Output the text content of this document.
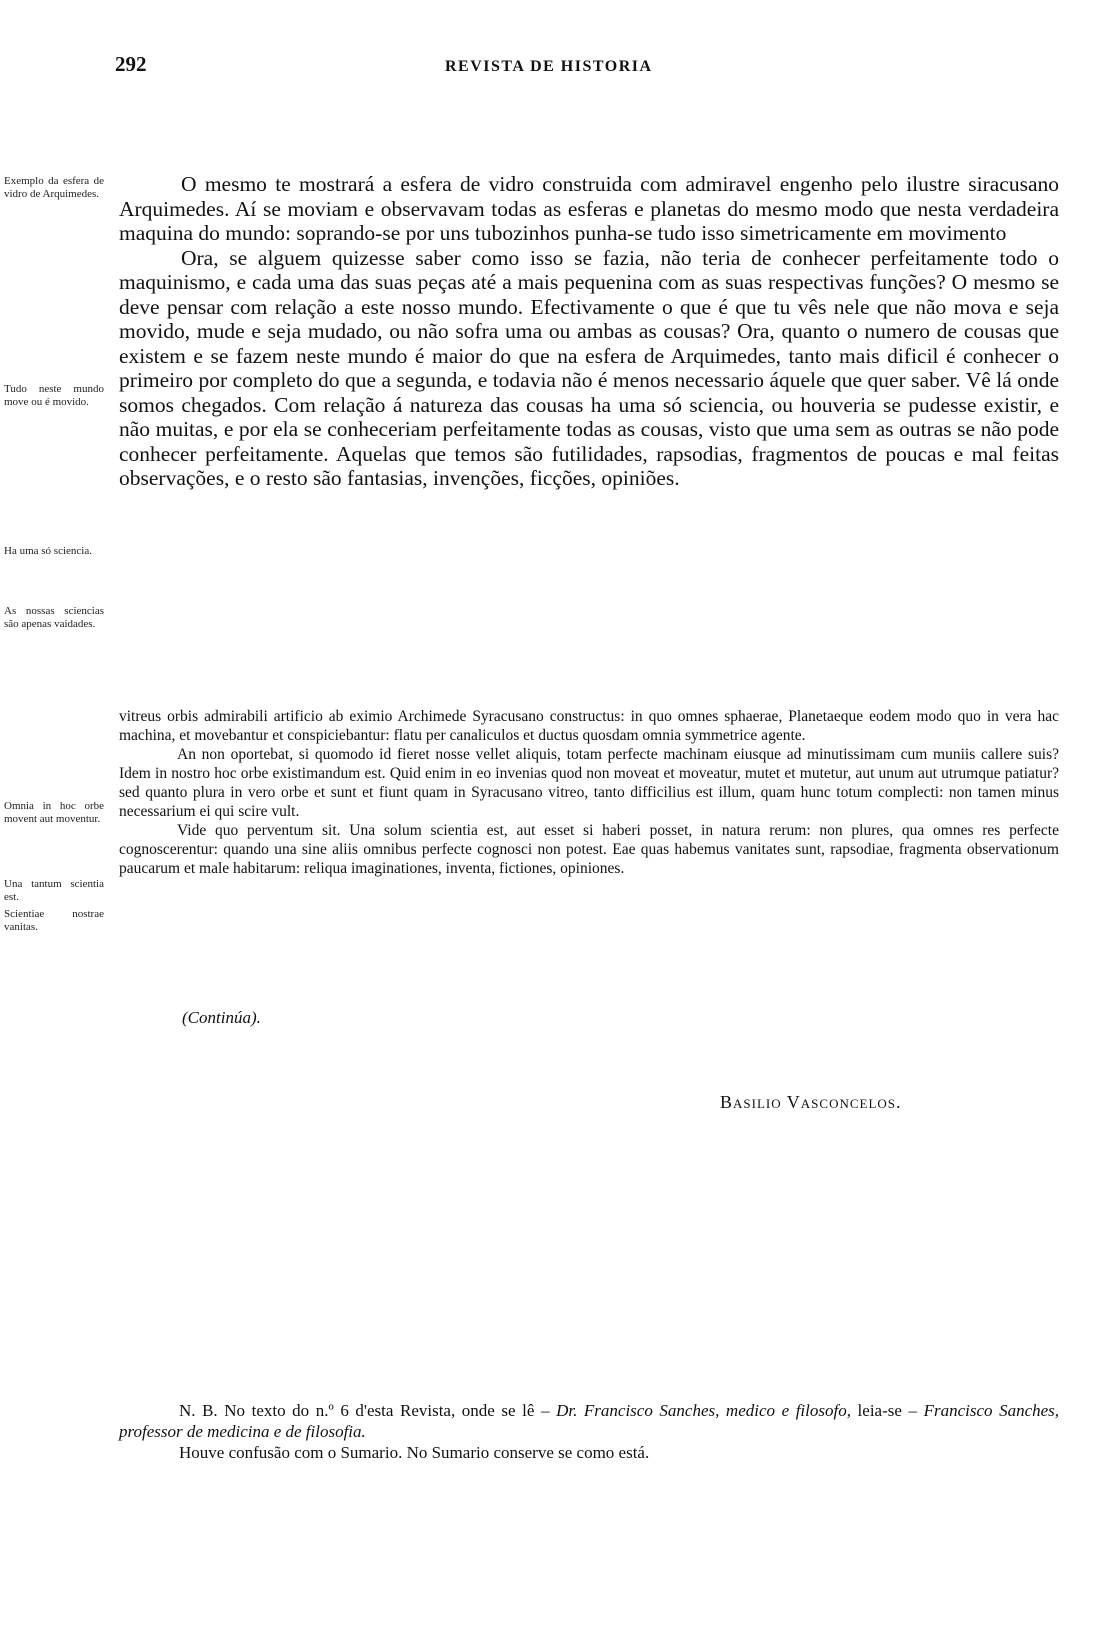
292	REVISTA DE HISTORIA
Exemplo da esfera de vidro de Arquimedes.
Tudo neste mundo move ou é movido.
Ha uma só sciencia.
As nossas sciencias são apenas vaidades.
Omnia in hoc orbe movent aut moventur.
Una tantum scientia est.
Scientiae nostrae vanitas.

O mesmo te mostrará a esfera de vidro construida com admiravel engenho pelo ilustre siracusano Arquimedes. Aí se moviam e observavam todas as esferas e planetas do mesmo modo que nesta verdadeira maquina do mundo: soprando-se por uns tubozinhos punha-se tudo isso simetricamente em movimento

Ora, se alguem quizesse saber como isso se fazia, não teria de conhecer perfeitamente todo o maquinismo, e cada uma das suas peças até a mais pequenina com as suas respectivas funções? O mesmo se deve pensar com relação a este nosso mundo. Efectivamente o que é que tu vês nele que não mova e seja movido, mude e seja mudado, ou não sofra uma ou ambas as cousas? Ora, quanto o numero de cousas que existem e se fazem neste mundo é maior do que na esfera de Arquimedes, tanto mais dificil é conhecer o primeiro por completo do que a segunda, e todavia não é menos necessario áquele que quer saber. Vê lá onde somos chegados. Com relação á natureza das cousas ha uma só sciencia, ou houveria se pudesse existir, e não muitas, e por ela se conheceriam perfeitamente todas as cousas, visto que uma sem as outras se não pode conhecer perfeitamente. Aquelas que temos são futilidades, rapsodias, fragmentos de poucas e mal feitas observações, e o resto são fantasias, invenções, ficções, opiniões.

vitreus orbis admirabili artificio ab eximio Archimede Syracusano constructus: in quo omnes sphaerae, Planetaeque eodem modo quo in vera hac machina, et movebantur et conspiciebantur: flatu per canaliculos et ductus quosdam omnia symmetrice agente.

An non oportebat, si quomodo id fieret nosse vellet aliquis, totam perfecte machinam eiusque ad minutissimam cum muniis callere suis? Idem in nostro hoc orbe existimandum est. Quid enim in eo invenias quod non moveat et moveatur, mutet et mutetur, aut unum aut utrumque patiatur? sed quanto plura in vero orbe et sunt et fiunt quam in Syracusano vitreo, tanto difficilius est illum, quam hunc totum complecti: non tamen minus necessarium ei qui scire vult.

Vide quo perventum sit. Una solum scientia est, aut esset si haberi posset, in natura rerum: non plures, qua omnes res perfecte cognoscerentur: quando una sine aliis omnibus perfecte cognosci non potest. Eae quas habemus vanitates sunt, rapsodiae, fragmenta observationum paucarum et male habitarum: reliqua imaginationes, inventa, fictiones, opiniones.

(Continúa).
Basilio Vasconcelos.

N. B. No texto do n.º 6 d'esta Revista, onde se lê – Dr. Francisco Sanches, medico e filosofo, leia-se – Francisco Sanches, professor de medicina e de filosofia.

Houve confusão com o Sumario. No Sumario conserve se como está.
